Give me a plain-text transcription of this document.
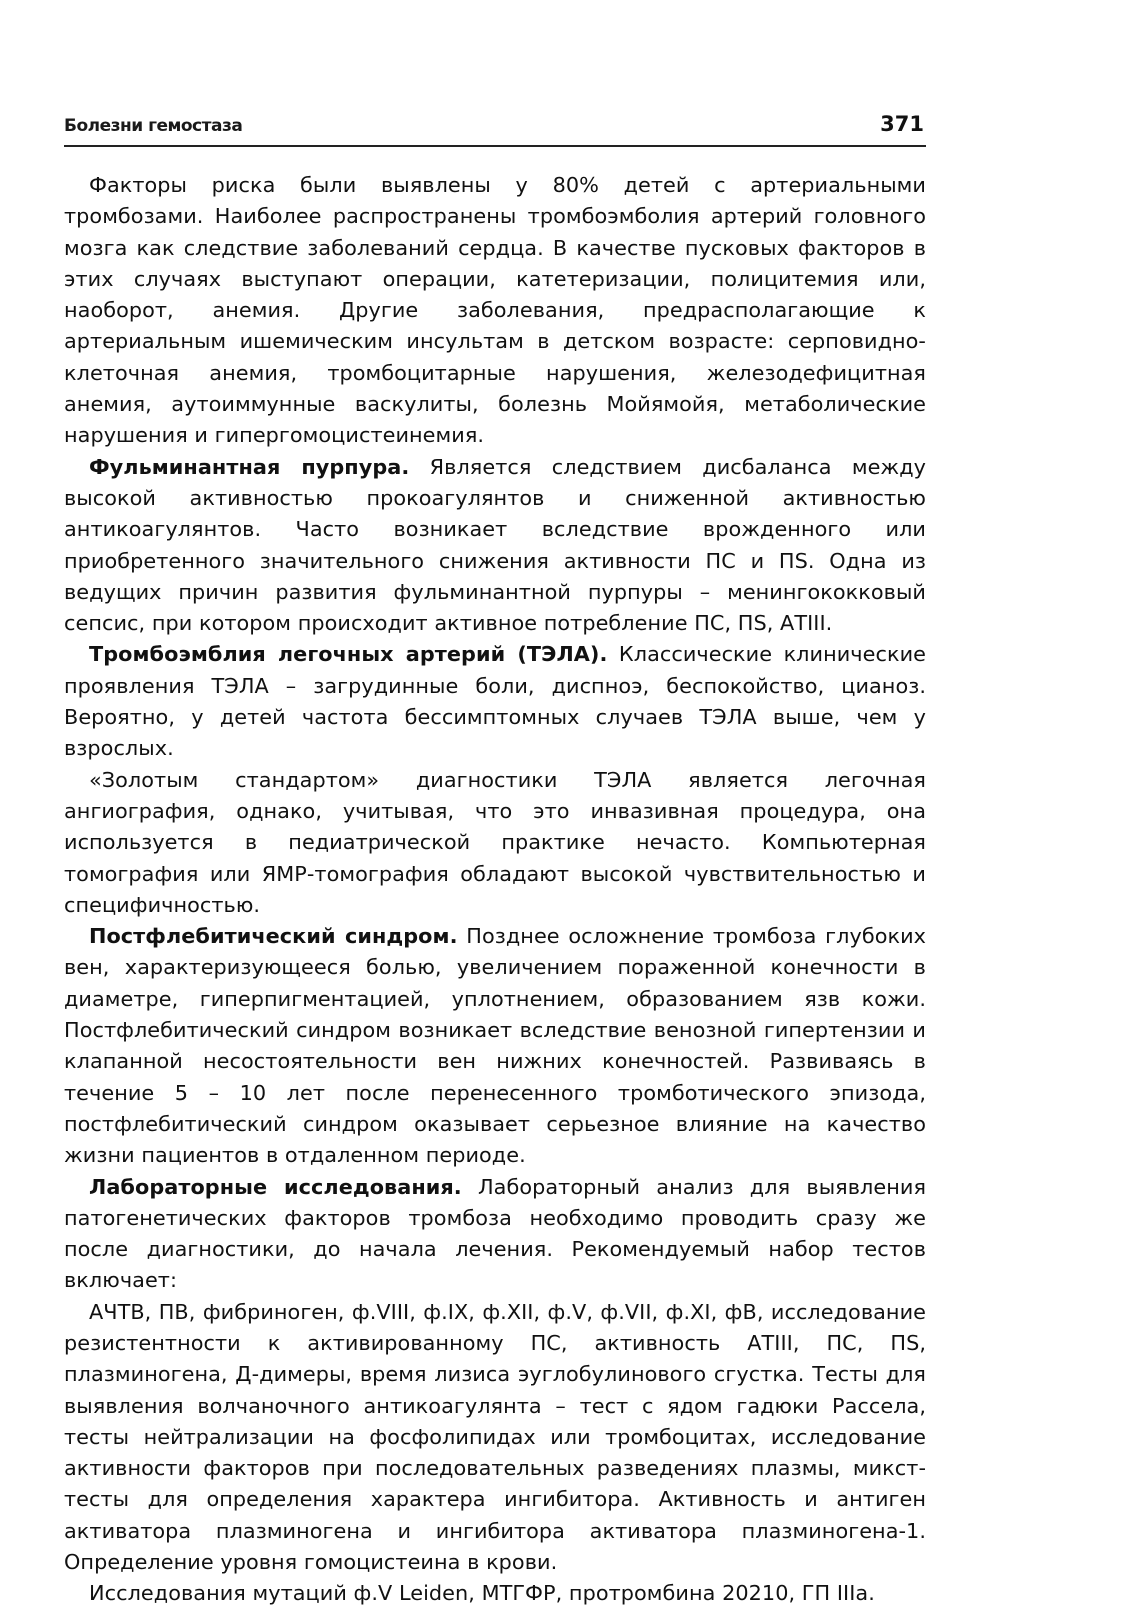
Болезни гемостаза	371

Факторы риска были выявлены у 80% детей с артериальными тромбозами. Наиболее распространены тромбоэмболия артерий головного мозга как следствие заболеваний сердца. В качестве пусковых факторов в этих случаях выступают операции, катетеризации, полицитемия или, наоборот, анемия. Другие заболевания, предрасполагающие к артериальным ишемическим инсультам в детском возрасте: серповидно-клеточная анемия, тромбоцитарные нарушения, железодефицитная анемия, аутоиммунные васкулиты, болезнь Мойямойя, метаболические нарушения и гипергомоцистеинемия.

Фульминантная пурпура. Является следствием дисбаланса между высокой активностью прокоагулянтов и сниженной активностью антикоагулянтов. Часто возникает вследствие врожденного или приобретенного значительного снижения активности ПС и ПS. Одна из ведущих причин развития фульминантной пурпуры – менингококковый сепсис, при котором происходит активное потребление ПС, ПS, АТIII.

Тромбоэмблия легочных артерий (ТЭЛА). Классические клинические проявления ТЭЛА – загрудинные боли, диспноэ, беспокойство, цианоз. Вероятно, у детей частота бессимптомных случаев ТЭЛА выше, чем у взрослых.

«Золотым стандартом» диагностики ТЭЛА является легочная ангиография, однако, учитывая, что это инвазивная процедура, она используется в педиатрической практике нечасто. Компьютерная томография или ЯМР-томография обладают высокой чувствительностью и специфичностью.

Постфлебитический синдром. Позднее осложнение тромбоза глубоких вен, характеризующееся болью, увеличением пораженной конечности в диаметре, гиперпигментацией, уплотнением, образованием язв кожи. Постфлебитический синдром возникает вследствие венозной гипертензии и клапанной несостоятельности вен нижних конечностей. Развиваясь в течение 5 – 10 лет после перенесенного тромботического эпизода, постфлебитический синдром оказывает серьезное влияние на качество жизни пациентов в отдаленном периоде.

Лабораторные исследования. Лабораторный анализ для выявления патогенетических факторов тромбоза необходимо проводить сразу же после диагностики, до начала лечения. Рекомендуемый набор тестов включает:

АЧТВ, ПВ, фибриноген, ф.VIII, ф.IX, ф.XII, ф.V, ф.VII, ф.XI, фВ, исследование резистентности к активированному ПС, активность АТIII, ПС, ПS, плазминогена, Д-димеры, время лизиса эуглобулинового сгустка. Тесты для выявления волчаночного антикоагулянта – тест с ядом гадюки Рассела, тесты нейтрализации на фосфолипидах или тромбоцитах, исследование активности факторов при последовательных разведениях плазмы, микст-тесты для определения характера ингибитора. Активность и антиген активатора плазминогена и ингибитора активатора плазминогена-1. Определение уровня гомоцистеина в крови.

Исследования мутаций ф.V Leiden, МТГФР, протромбина 20210, ГП IIIa.
